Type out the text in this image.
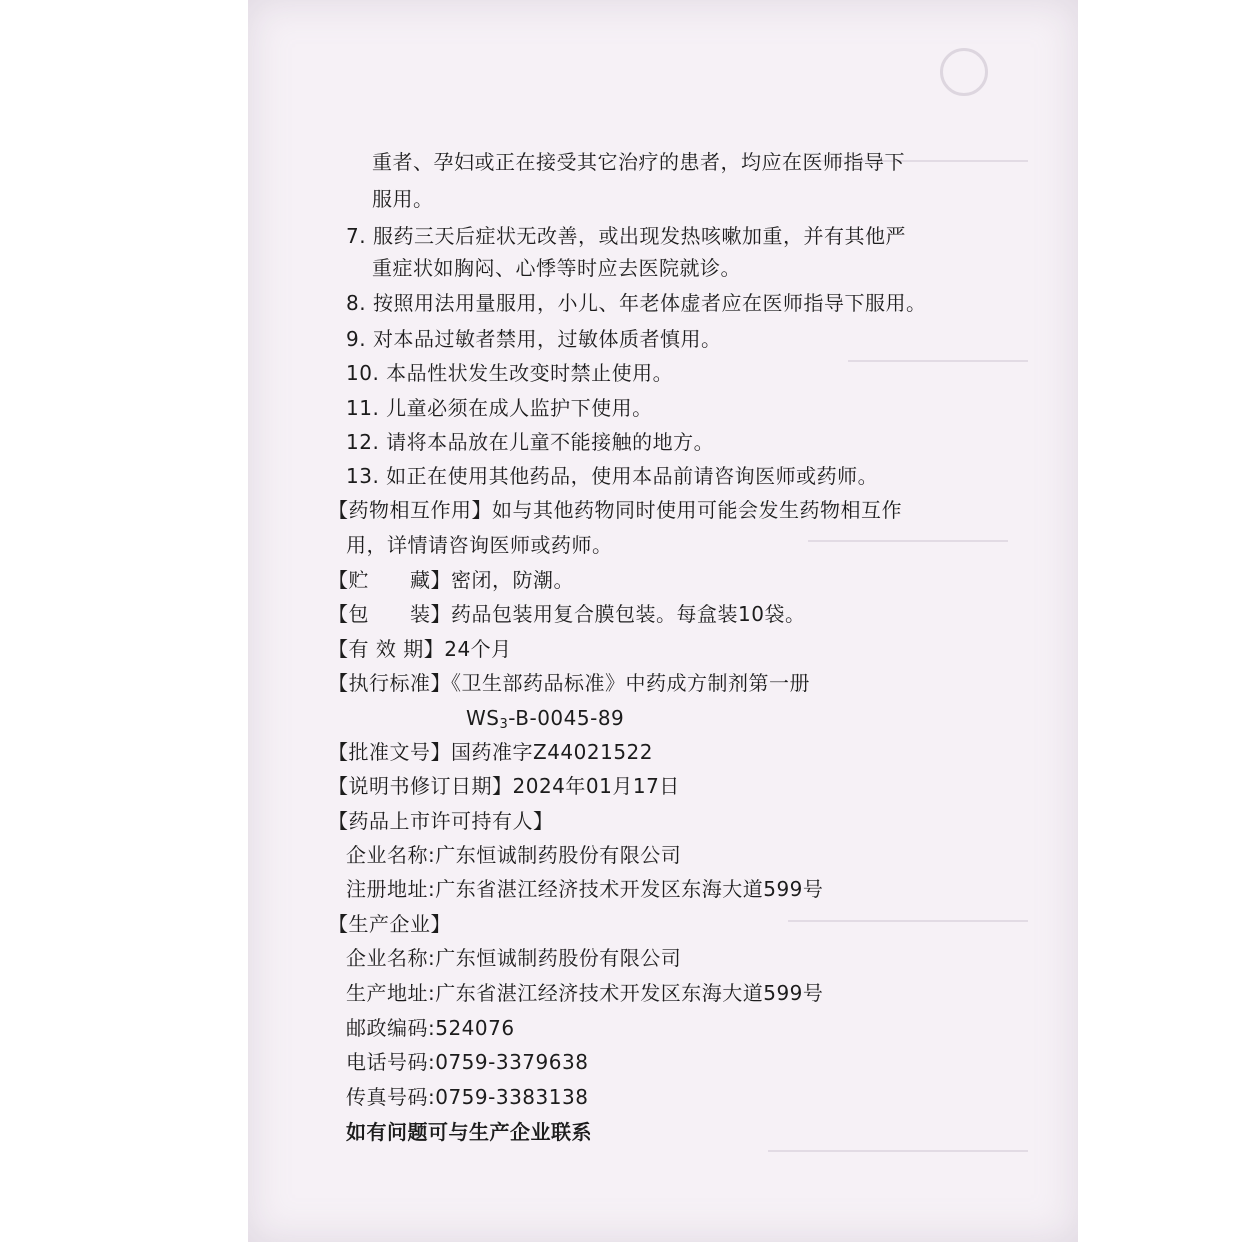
重者、孕妇或正在接受其它治疗的患者，均应在医师指导下
服用。
7. 服药三天后症状无改善，或出现发热咳嗽加重，并有其他严
重症状如胸闷、心悸等时应去医院就诊。
8. 按照用法用量服用，小儿、年老体虚者应在医师指导下服用。
9. 对本品过敏者禁用，过敏体质者慎用。
10. 本品性状发生改变时禁止使用。
11. 儿童必须在成人监护下使用。
12. 请将本品放在儿童不能接触的地方。
13. 如正在使用其他药品，使用本品前请咨询医师或药师。
【药物相互作用】如与其他药物同时使用可能会发生药物相互作
用，详情请咨询医师或药师。
【贮　　藏】密闭，防潮。
【包　　装】药品包装用复合膜包装。每盒装10袋。
【有 效 期】24个月
【执行标准】《卫生部药品标准》中药成方制剂第一册
$WS_3-B-0045-89$
【批准文号】国药准字Z44021522
【说明书修订日期】2024年01月17日
【药品上市许可持有人】
企业名称:广东恒诚制药股份有限公司
注册地址:广东省湛江经济技术开发区东海大道599号
【生产企业】
企业名称:广东恒诚制药股份有限公司
生产地址:广东省湛江经济技术开发区东海大道599号
邮政编码:524076
电话号码:0759-3379638
传真号码:0759-3383138
如有问题可与生产企业联系
